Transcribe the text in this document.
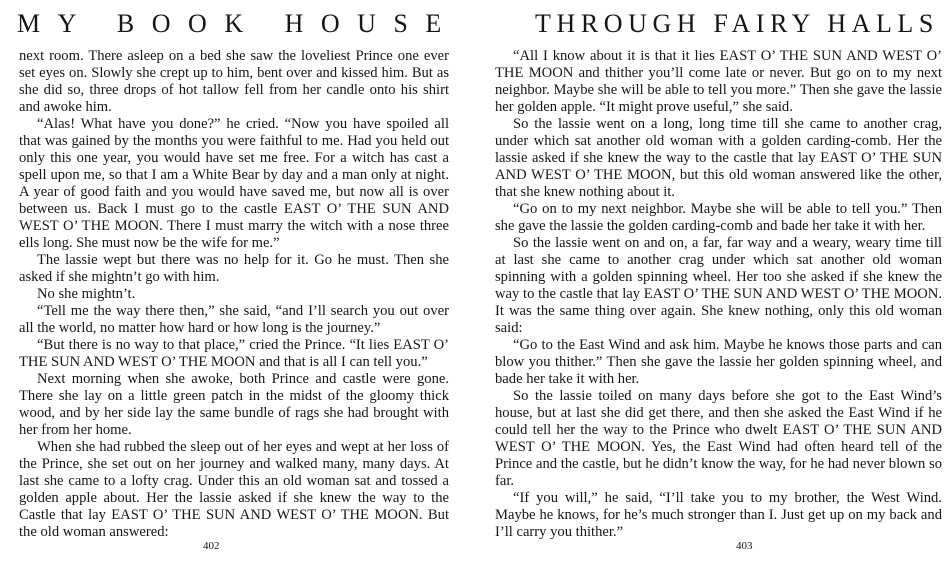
MY BOOK HOUSE

next room. There asleep on a bed she saw the loveliest Prince one ever set eyes on. Slowly she crept up to him, bent over and kissed him. But as she did so, three drops of hot tallow fell from her candle onto his shirt and awoke him.

“Alas! What have you done?” he cried. “Now you have spoiled all that was gained by the months you were faithful to me. Had you held out only this one year, you would have set me free. For a witch has cast a spell upon me, so that I am a White Bear by day and a man only at night. A year of good faith and you would have saved me, but now all is over between us. Back I must go to the castle EAST O’ THE SUN AND WEST O’ THE MOON. There I must marry the witch with a nose three ells long. She must now be the wife for me.”

The lassie wept but there was no help for it. Go he must. Then she asked if she mightn’t go with him.

No she mightn’t.

“Tell me the way there then,” she said, “and I’ll search you out over all the world, no matter how hard or how long is the journey.”

“But there is no way to that place,” cried the Prince. “It lies EAST O’ THE SUN AND WEST O’ THE MOON and that is all I can tell you.”

Next morning when she awoke, both Prince and castle were gone. There she lay on a little green patch in the midst of the gloomy thick wood, and by her side lay the same bundle of rags she had brought with her from her home.

When she had rubbed the sleep out of her eyes and wept at her loss of the Prince, she set out on her journey and walked many, many days. At last she came to a lofty crag. Under this an old woman sat and tossed a golden apple about. Her the lassie asked if she knew the way to the Castle that lay EAST O’ THE SUN AND WEST O’ THE MOON. But the old woman answered:

402
THROUGH FAIRY HALLS

“All I know about it is that it lies EAST O’ THE SUN AND WEST O’ THE MOON and thither you’ll come late or never. But go on to my next neighbor. Maybe she will be able to tell you more.” Then she gave the lassie her golden apple. “It might prove useful,” she said.

So the lassie went on a long, long time till she came to another crag, under which sat another old woman with a golden carding-comb. Her the lassie asked if she knew the way to the castle that lay EAST O’ THE SUN AND WEST O’ THE MOON, but this old woman answered like the other, that she knew nothing about it.

“Go on to my next neighbor. Maybe she will be able to tell you.” Then she gave the lassie the golden carding-comb and bade her take it with her.

So the lassie went on and on, a far, far way and a weary, weary time till at last she came to another crag under which sat another old woman spinning with a golden spinning wheel. Her too she asked if she knew the way to the castle that lay EAST O’ THE SUN AND WEST O’ THE MOON. It was the same thing over again. She knew nothing, only this old woman said:

“Go to the East Wind and ask him. Maybe he knows those parts and can blow you thither.” Then she gave the lassie her golden spinning wheel, and bade her take it with her.

So the lassie toiled on many days before she got to the East Wind’s house, but at last she did get there, and then she asked the East Wind if he could tell her the way to the Prince who dwelt EAST O’ THE SUN AND WEST O’ THE MOON. Yes, the East Wind had often heard tell of the Prince and the castle, but he didn’t know the way, for he had never blown so far.

“If you will,” he said, “I’ll take you to my brother, the West Wind. Maybe he knows, for he’s much stronger than I. Just get up on my back and I’ll carry you thither.”

403
